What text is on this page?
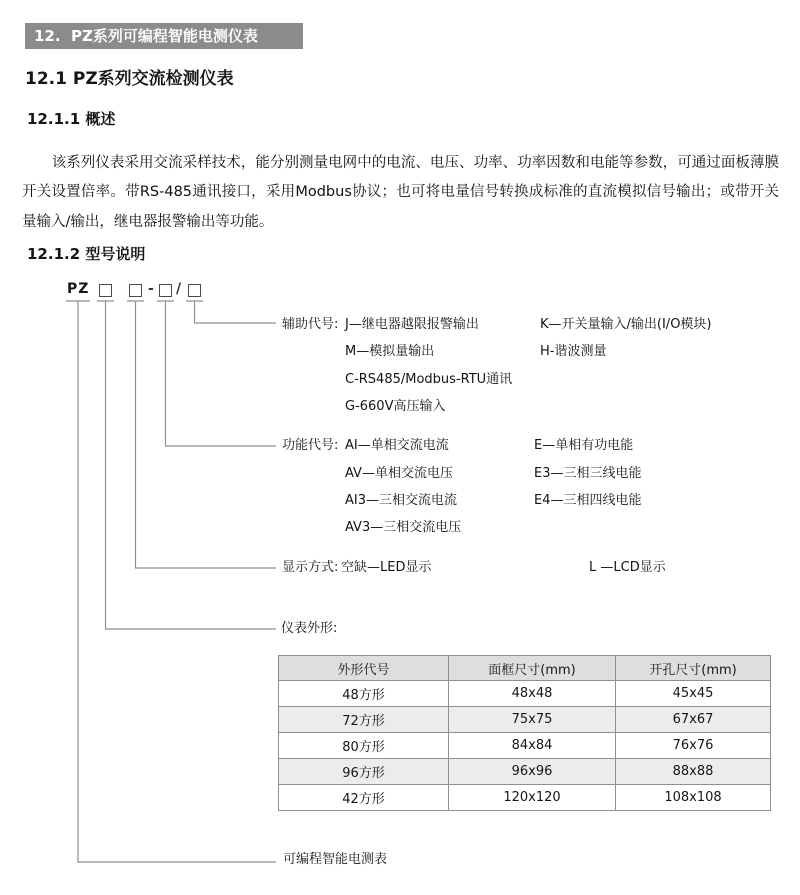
12.  PZ系列可编程智能电测仪表
12.1 PZ系列交流检测仪表
12.1.1 概述

该系列仪表采用交流采样技术，能分别测量电网中的电流、电压、功率、功率因数和电能等参数，可通过面板薄膜开关设置倍率。带RS-485通讯接口，采用Modbus协议；也可将电量信号转换成标准的直流模拟信号输出；或带开关量输入/输出，继电器报警输出等功能。

12.1.2 型号说明
PZ	- /
辅助代号: J—继电器越限报警输出
M—模拟量输出
C-RS485/Modbus-RTU通讯
G-660V高压输入
K—开关量输入/输出(I/O模块)
H-谐波测量
功能代号: AI—单相交流电流
AV—单相交流电压
AI3—三相交流电流
AV3—三相交流电压
E—单相有功电能
E3—三相三线电能
E4—三相四线电能
显示方式: 空缺—LED显示	L —LCD显示
仪表外形:
外形代号	面框尺寸(mm)	开孔尺寸(mm)
48方形	48x48	45x45
72方形	75x75	67x67
80方形	84x84	76x76
96方形	96x96	88x88
42方形	120x120	108x108
可编程智能电测表
